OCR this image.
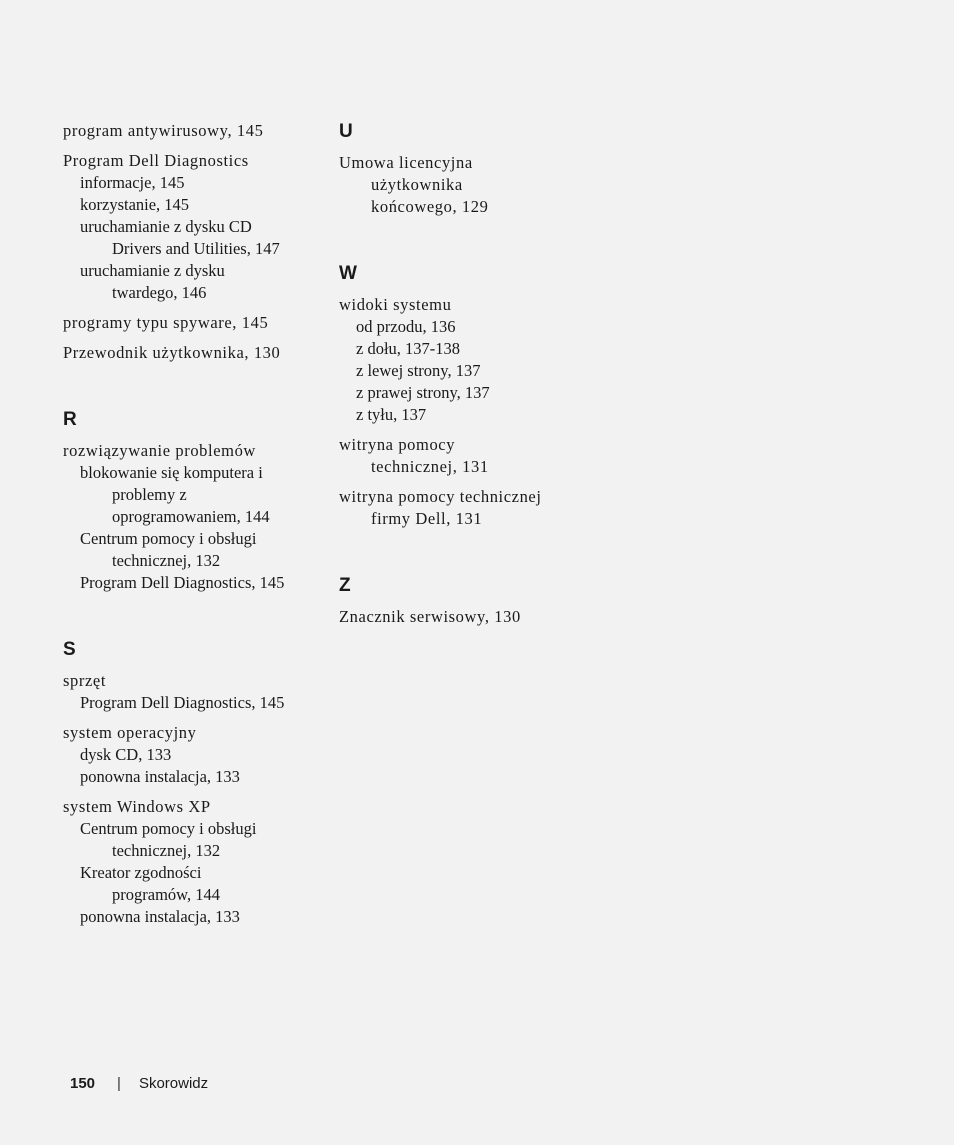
program antywirusowy, 145
Program Dell Diagnostics
informacje, 145
korzystanie, 145
uruchamianie z dysku CD
Drivers and Utilities, 147
uruchamianie z dysku
twardego, 146
programy typu spyware, 145
Przewodnik użytkownika, 130
R
rozwiązywanie problemów
blokowanie się komputera i
problemy z
oprogramowaniem, 144
Centrum pomocy i obsługi
technicznej, 132
Program Dell Diagnostics, 145
S
sprzęt
Program Dell Diagnostics, 145
system operacyjny
dysk CD, 133
ponowna instalacja, 133
system Windows XP
Centrum pomocy i obsługi
technicznej, 132
Kreator zgodności
programów, 144
ponowna instalacja, 133
U
Umowa licencyjna
użytkownika
końcowego, 129
W
widoki systemu
od przodu, 136
z dołu, 137-138
z lewej strony, 137
z prawej strony, 137
z tyłu, 137
witryna pomocy
technicznej, 131
witryna pomocy technicznej
firmy Dell, 131
Z
Znacznik serwisowy, 130
150 | Skorowidz
